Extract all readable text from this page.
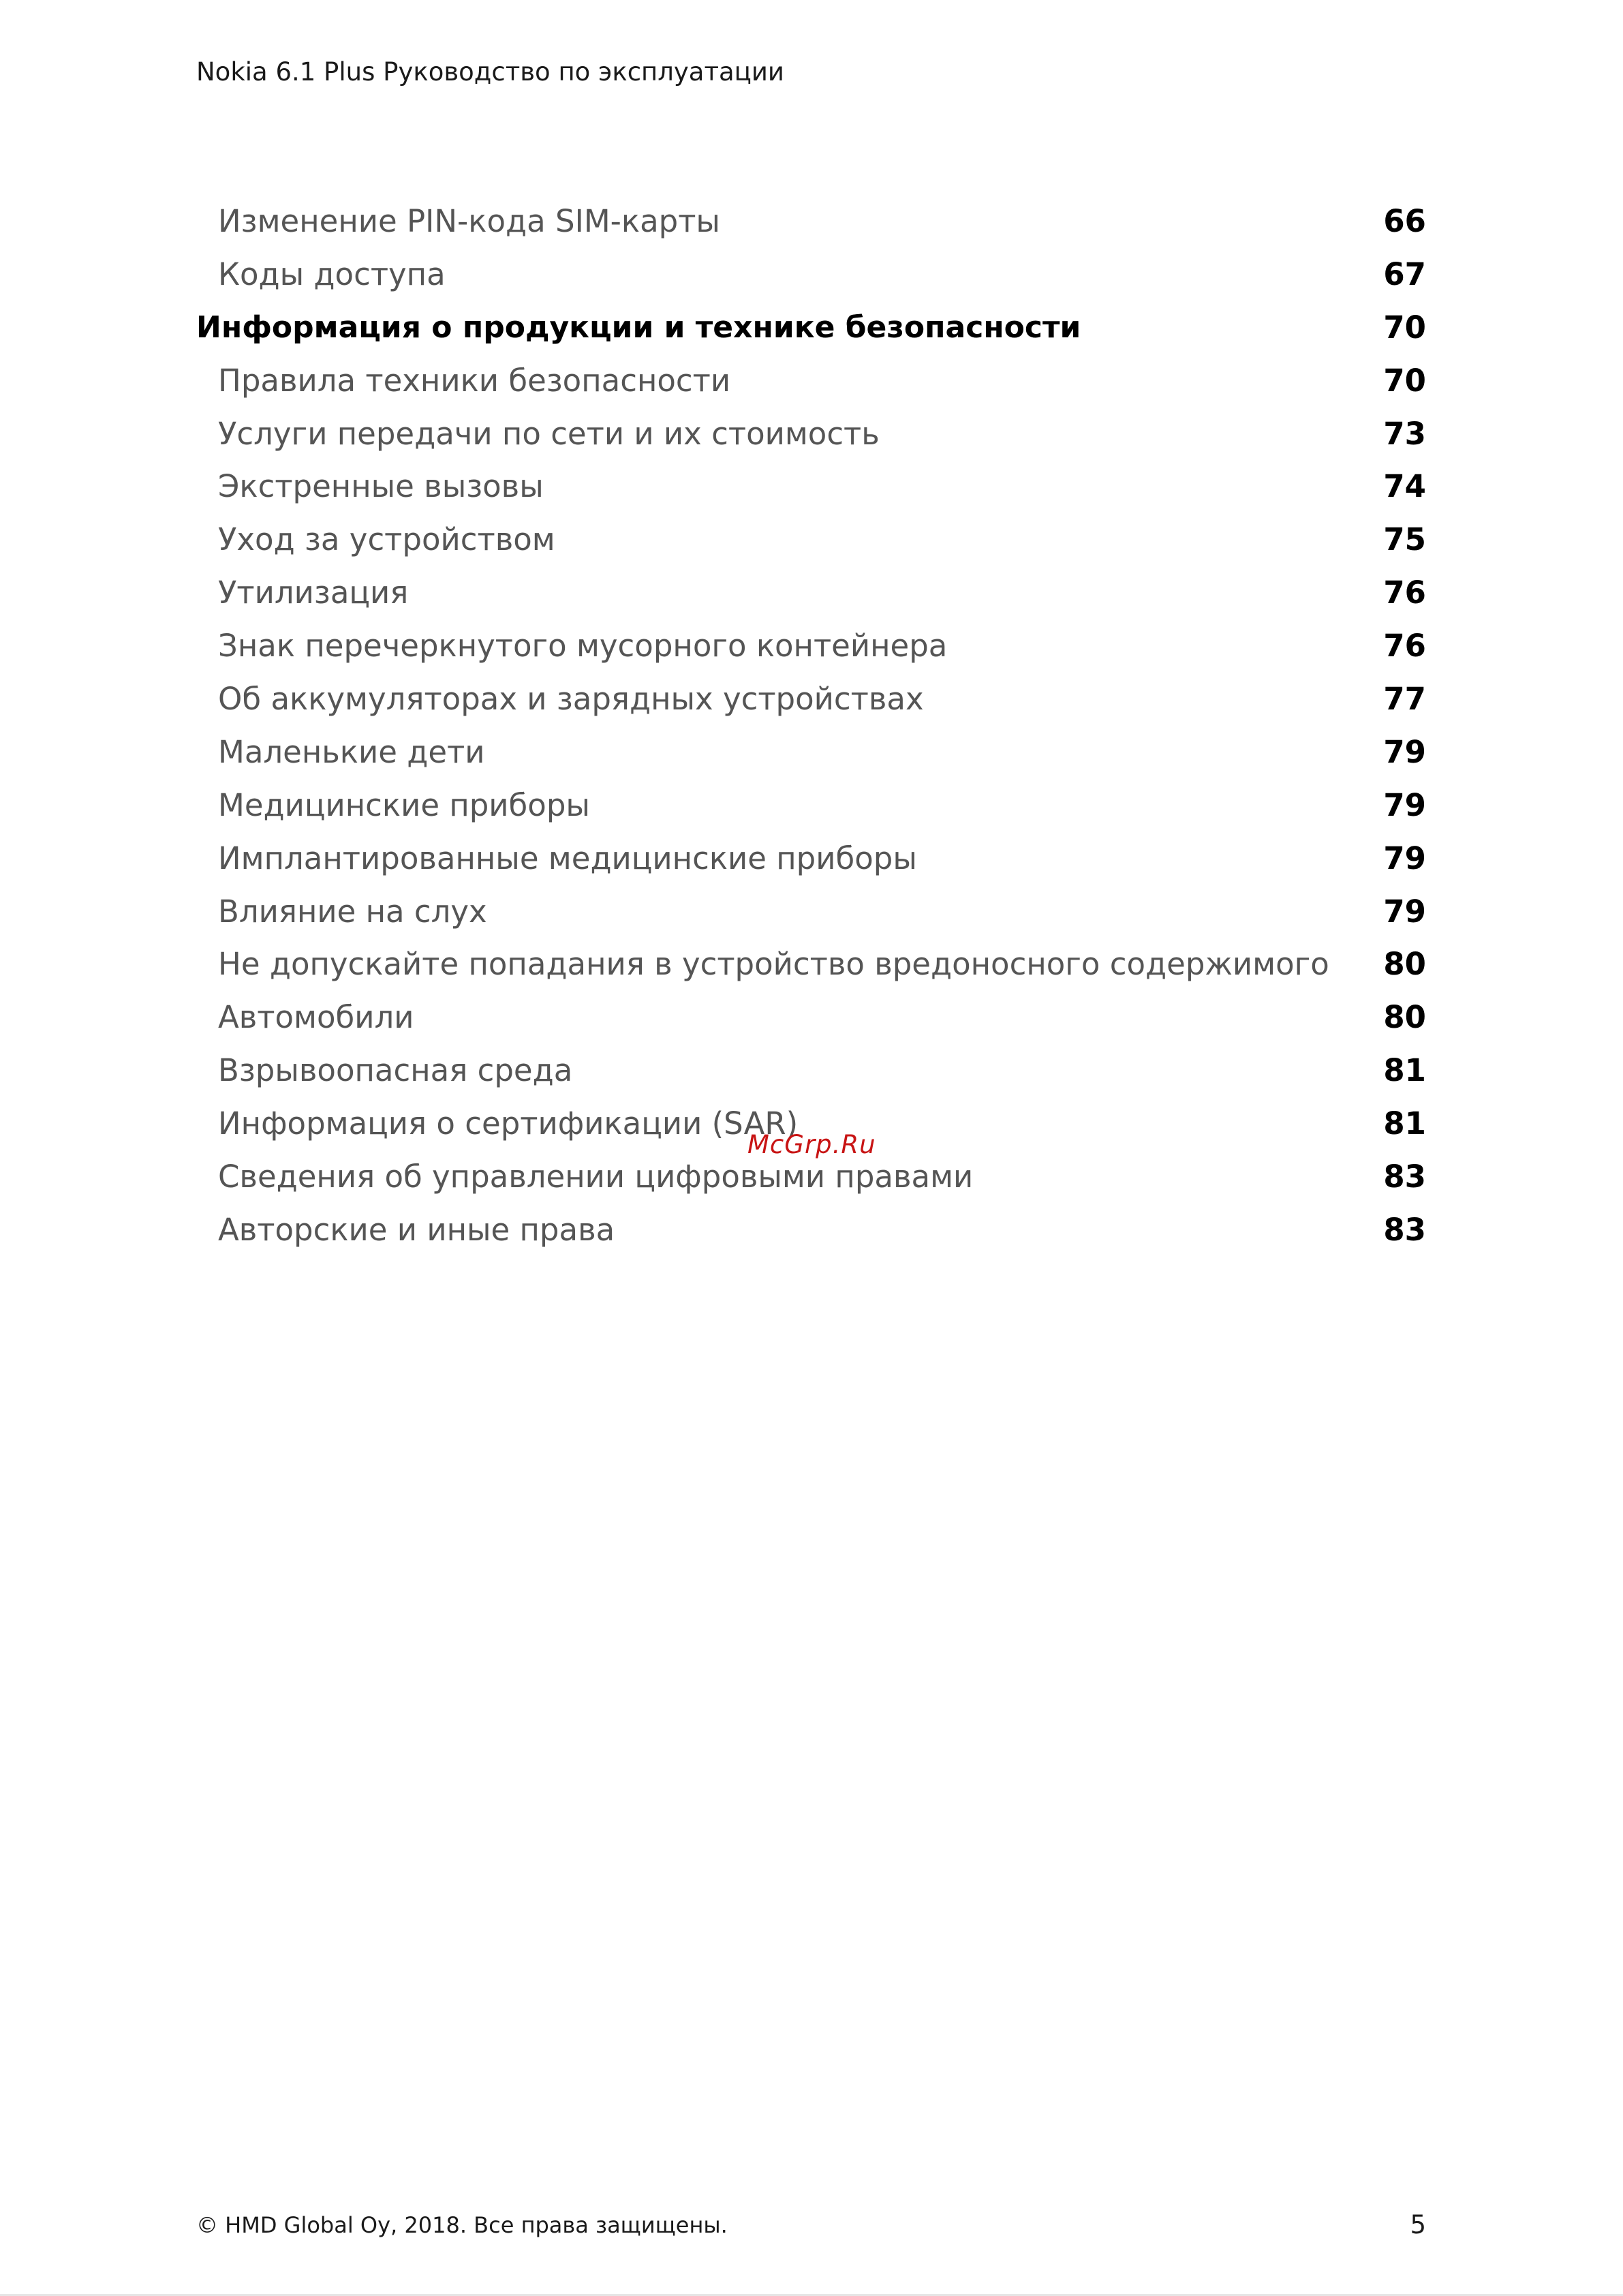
Nokia 6.1 Plus Руководство по эксплуатации
Изменение PIN-кода SIM-карты	66
Коды доступа	67
Информация о продукции и технике безопасности	70
Правила техники безопасности	70
Услуги передачи по сети и их стоимость	73
Экстренные вызовы	74
Уход за устройством	75
Утилизация	76
Знак перечеркнутого мусорного контейнера	76
Об аккумуляторах и зарядных устройствах	77
Маленькие дети	79
Медицинские приборы	79
Имплантированные медицинские приборы	79
Влияние на слух	79
Не допускайте попадания в устройство вредоносного содержимого 80
Автомобили	80
Взрывоопасная среда	81
Информация о сертификации (SAR)	81
Сведения об управлении цифровыми правами	83
Авторские и иные права	83
McGrp.Ru
© HMD Global Oy, 2018. Все права защищены.	5
